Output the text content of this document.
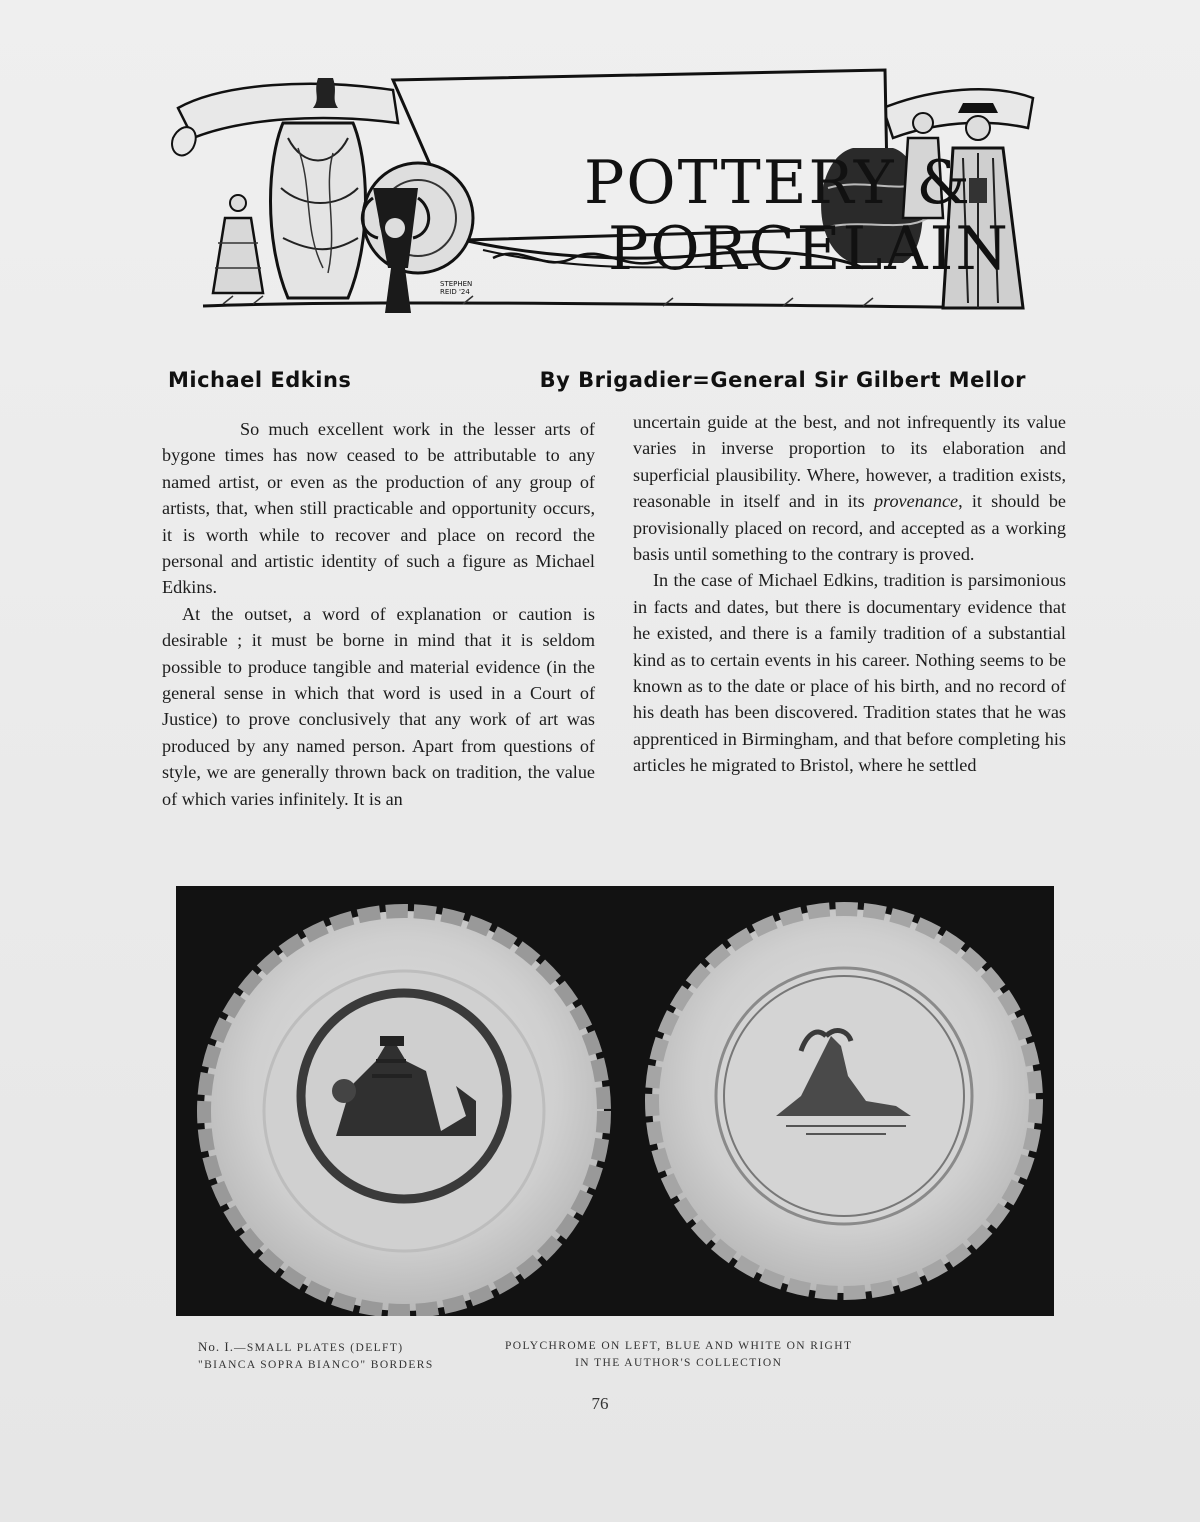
POTTERY &
PORCELAIN
STEPHEN
REID '24
Michael Edkins	By Brigadier=General Sir Gilbert Mellor

So much excellent work in the lesser arts of bygone times has now ceased to be attributable to any named artist, or even as the production of any group of artists, that, when still practicable and opportunity occurs, it is worth while to recover and place on record the personal and artistic identity of such a figure as Michael Edkins.

At the outset, a word of explanation or caution is desirable ; it must be borne in mind that it is seldom possible to produce tangible and material evidence (in the general sense in which that word is used in a Court of Justice) to prove conclusively that any work of art was produced by any named person. Apart from questions of style, we are generally thrown back on tradition, the value of which varies infinitely. It is an

uncertain guide at the best, and not infrequently its value varies in inverse proportion to its elaboration and superficial plausibility. Where, however, a tradition exists, reasonable in itself and in its provenance, it should be provisionally placed on record, and accepted as a working basis until something to the contrary is proved.

In the case of Michael Edkins, tradition is parsimonious in facts and dates, but there is documentary evidence that he existed, and there is a family tradition of a substantial kind as to certain events in his career. Nothing seems to be known as to the date or place of his birth, and no record of his death has been discovered. Tradition states that he was apprenticed in Birmingham, and that before completing his articles he migrated to Bristol, where he settled

No. I.—SMALL PLATES (DELFT)
"BIANCA SOPRA BIANCO" BORDERS
POLYCHROME ON LEFT, BLUE AND WHITE ON RIGHT
IN THE AUTHOR'S COLLECTION
76
